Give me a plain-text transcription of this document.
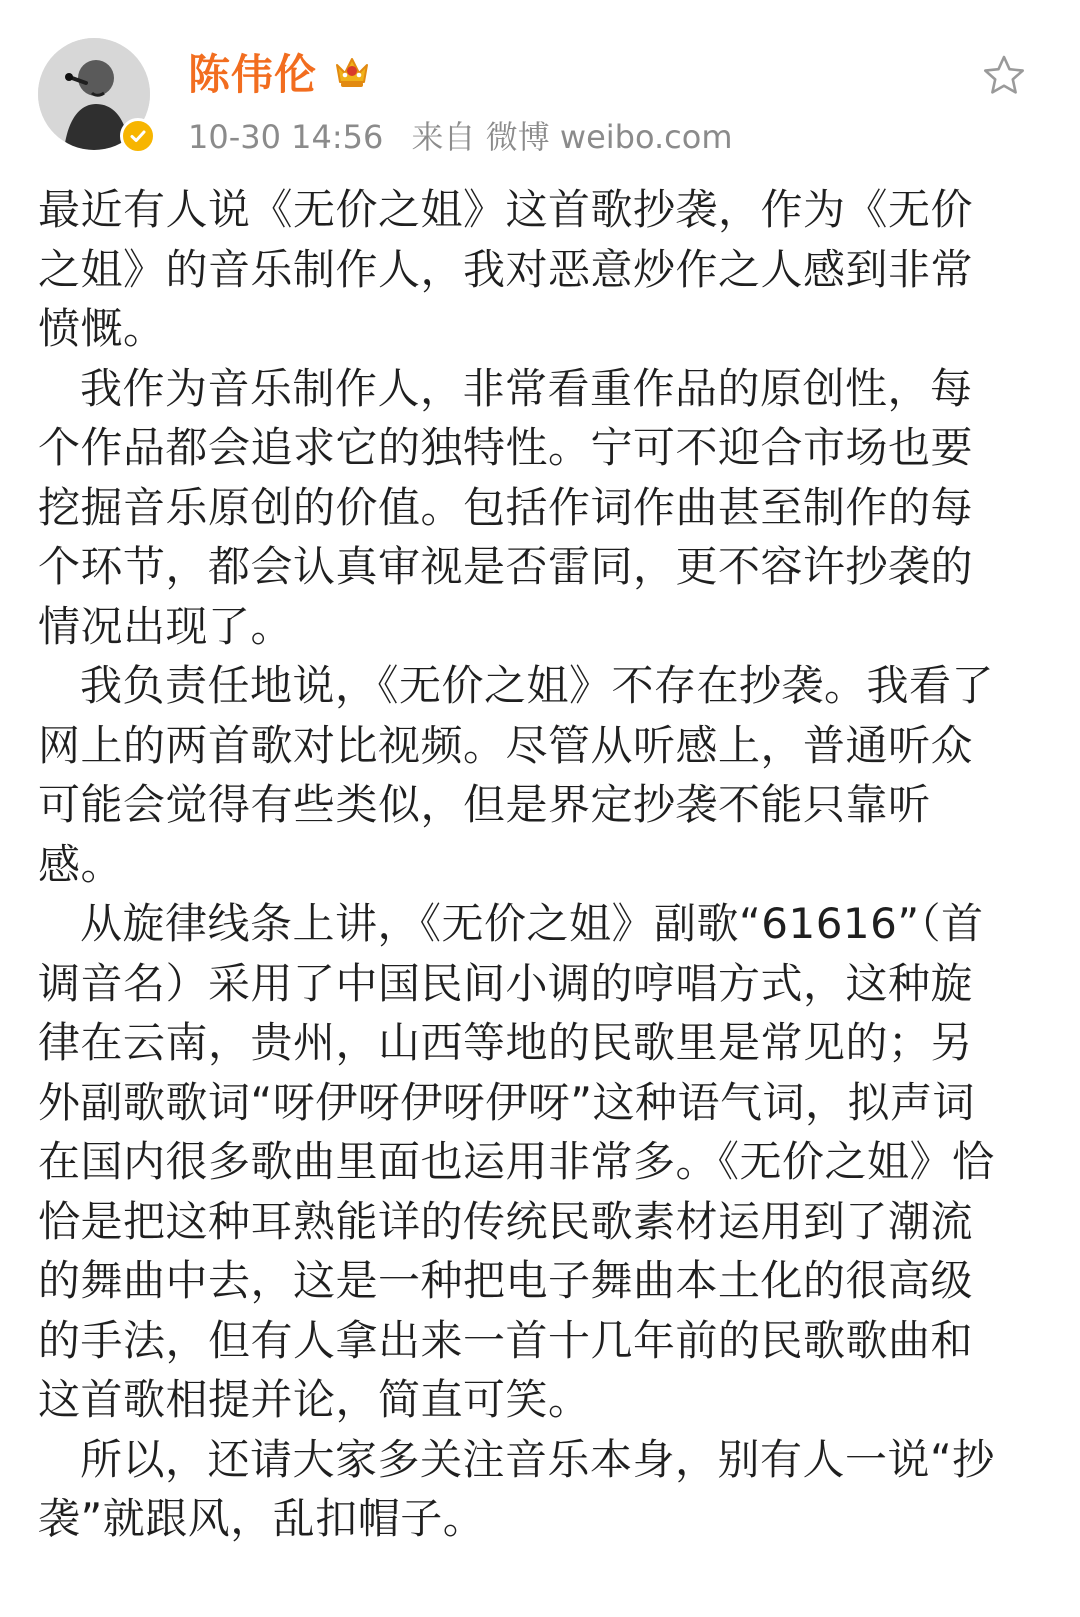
陈伟伦
10-30 14:56 来自 微博 weibo.com

最近有人说《无价之姐》这首歌抄袭，作为《无价之姐》的音乐制作人，我对恶意炒作之人感到非常愤慨。

我作为音乐制作人，非常看重作品的原创性，每个作品都会追求它的独特性。宁可不迎合市场也要挖掘音乐原创的价值。包括作词作曲甚至制作的每个环节，都会认真审视是否雷同，更不容许抄袭的情况出现了。

我负责任地说，《无价之姐》不存在抄袭。我看了网上的两首歌对比视频。尽管从听感上，普通听众可能会觉得有些类似，但是界定抄袭不能只靠听感。

从旋律线条上讲，《无价之姐》副歌“61616”（首调音名）采用了中国民间小调的哼唱方式，这种旋律在云南，贵州，山西等地的民歌里是常见的；另外副歌歌词“呀伊呀伊呀伊呀”这种语气词，拟声词在国内很多歌曲里面也运用非常多。《无价之姐》恰恰是把这种耳熟能详的传统民歌素材运用到了潮流的舞曲中去，这是一种把电子舞曲本土化的很高级的手法，但有人拿出来一首十几年前的民歌歌曲和这首歌相提并论，简直可笑。

所以，还请大家多关注音乐本身，别有人一说“抄袭”就跟风，乱扣帽子。
